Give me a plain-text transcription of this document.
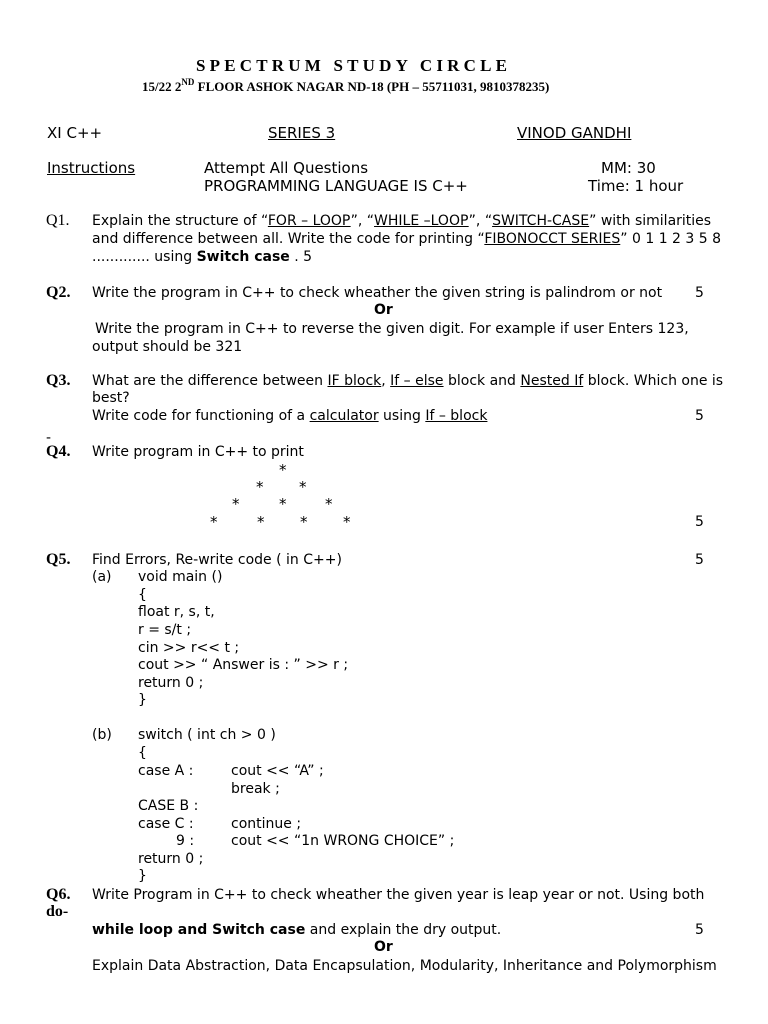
SPECTRUM STUDY CIRCLE
15/22 2ND FLOOR ASHOK NAGAR ND-18 (PH – 55711031, 9810378235)
XI C++	SERIES 3	VINOD GANDHI
Instructions	Attempt All Questions
PROGRAMMING LANGUAGE IS C++
MM: 30
Time: 1 hour
Q1. Explain the structure of “FOR – LOOP”, “WHILE –LOOP”, “SWITCH-CASE” with similarities
and difference between all. Write the code for printing “FIBONOCCT SERIES” 0 1 1 2 3 5 8
............. using Switch case . 5
Q2. Write the program in C++ to check wheather the given string is palindrom or not 5
Or
Write the program in C++ to reverse the given digit. For example if user Enters 123,
output should be 321
Q3. What are the difference between IF block, If – else block and Nested If block. Which one is
best?
Write code for functioning of a calculator using If – block	5
-
Q4. Write program in C++ to print
*
* *
*	*	*
*	* * *	5
Q5. Find Errors, Re-write code ( in C++)	5
(a) void main ()
{
float r, s, t,
r = s/t ;
cin >> r<< t ;
cout >> “ Answer is : ” >> r ;
return 0 ;
}
(b) switch ( int ch > 0 )
{
case A :	cout << “A” ;
break ;
CASE B :
case C :	continue ;
9 :	cout << “1n WRONG CHOICE” ;
return 0 ;
}
Q6.
do-
Write Program in C++ to check wheather the given year is leap year or not. Using both
while loop and Switch case and explain the dry output.	5
Or
Explain Data Abstraction, Data Encapsulation, Modularity, Inheritance and Polymorphism
